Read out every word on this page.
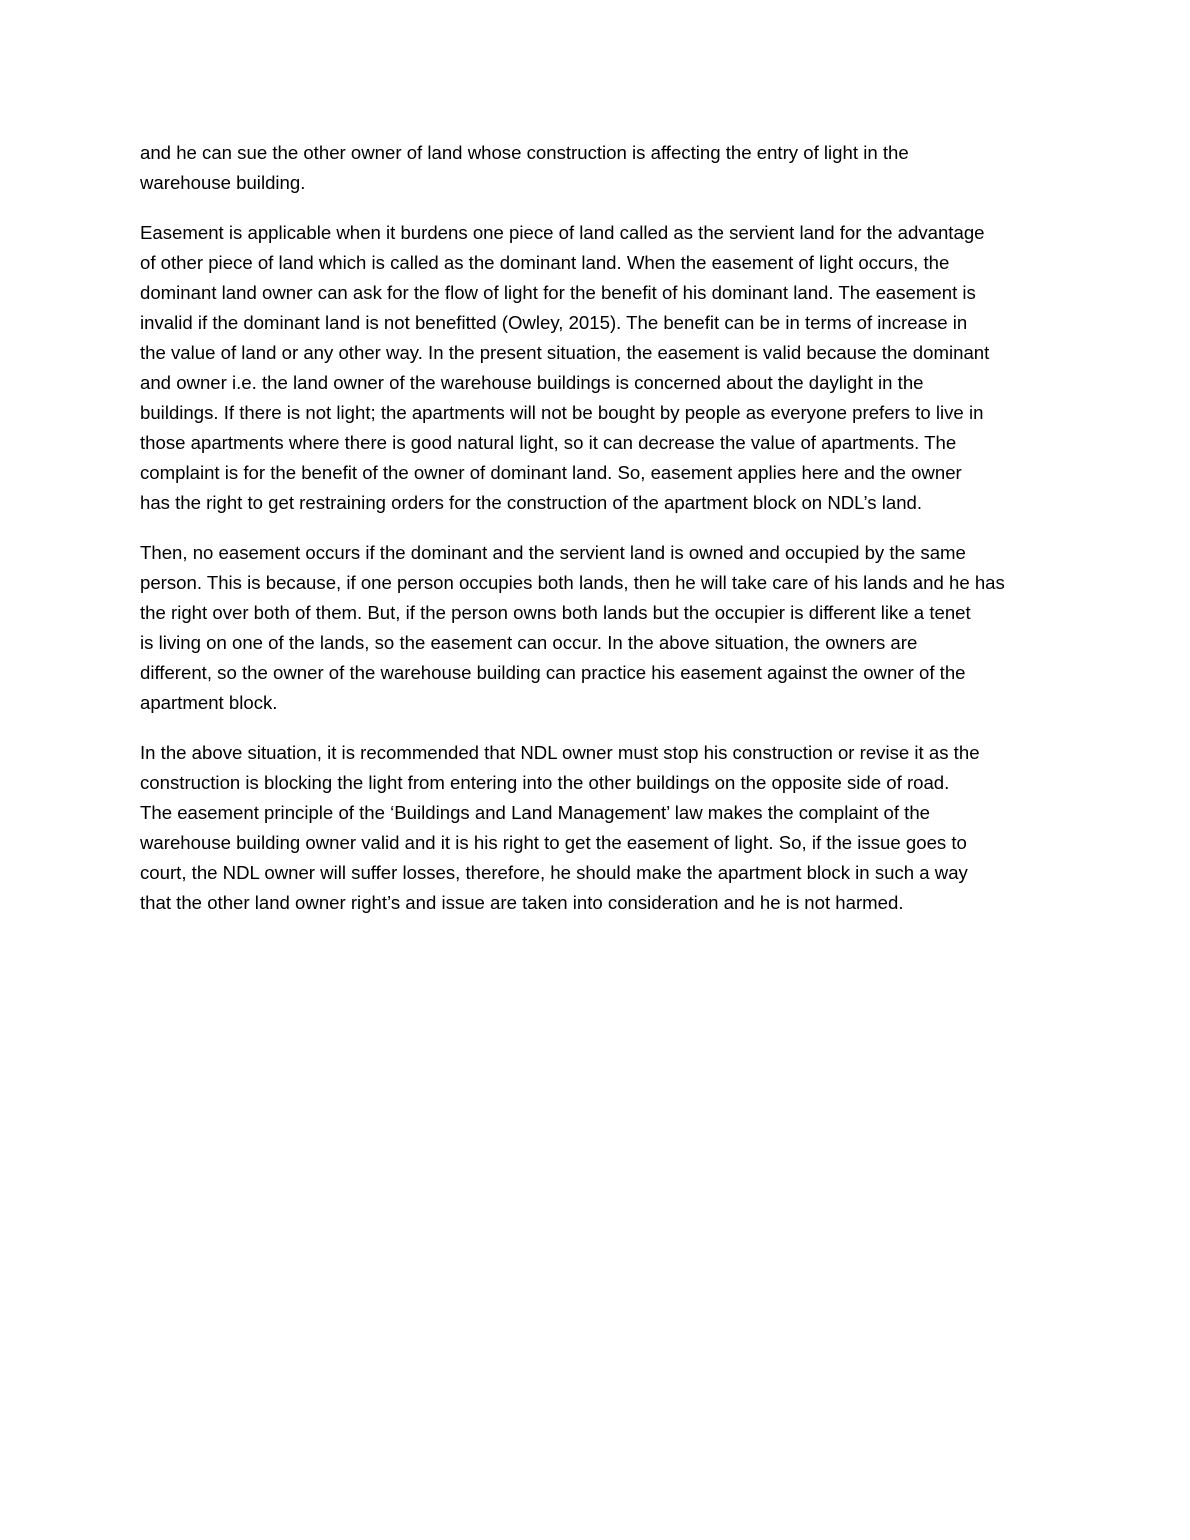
and he can sue the other owner of land whose construction is affecting the entry of light in the
warehouse building.

Easement is applicable when it burdens one piece of land called as the servient land for the advantage
of other piece of land which is called as the dominant land. When the easement of light occurs, the
dominant land owner can ask for the flow of light for the benefit of his dominant land. The easement is
invalid if the dominant land is not benefitted (Owley, 2015). The benefit can be in terms of increase in
the value of land or any other way. In the present situation, the easement is valid because the dominant
and owner i.e. the land owner of the warehouse buildings is concerned about the daylight in the
buildings. If there is not light; the apartments will not be bought by people as everyone prefers to live in
those apartments where there is good natural light, so it can decrease the value of apartments. The
complaint is for the benefit of the owner of dominant land. So, easement applies here and the owner
has the right to get restraining orders for the construction of the apartment block on NDL’s land.

Then, no easement occurs if the dominant and the servient land is owned and occupied by the same
person. This is because, if one person occupies both lands, then he will take care of his lands and he has
the right over both of them. But, if the person owns both lands but the occupier is different like a tenet
is living on one of the lands, so the easement can occur. In the above situation, the owners are
different, so the owner of the warehouse building can practice his easement against the owner of the
apartment block.

In the above situation, it is recommended that NDL owner must stop his construction or revise it as the
construction is blocking the light from entering into the other buildings on the opposite side of road.
The easement principle of the ‘Buildings and Land Management’ law makes the complaint of the
warehouse building owner valid and it is his right to get the easement of light. So, if the issue goes to
court, the NDL owner will suffer losses, therefore, he should make the apartment block in such a way
that the other land owner right’s and issue are taken into consideration and he is not harmed.
